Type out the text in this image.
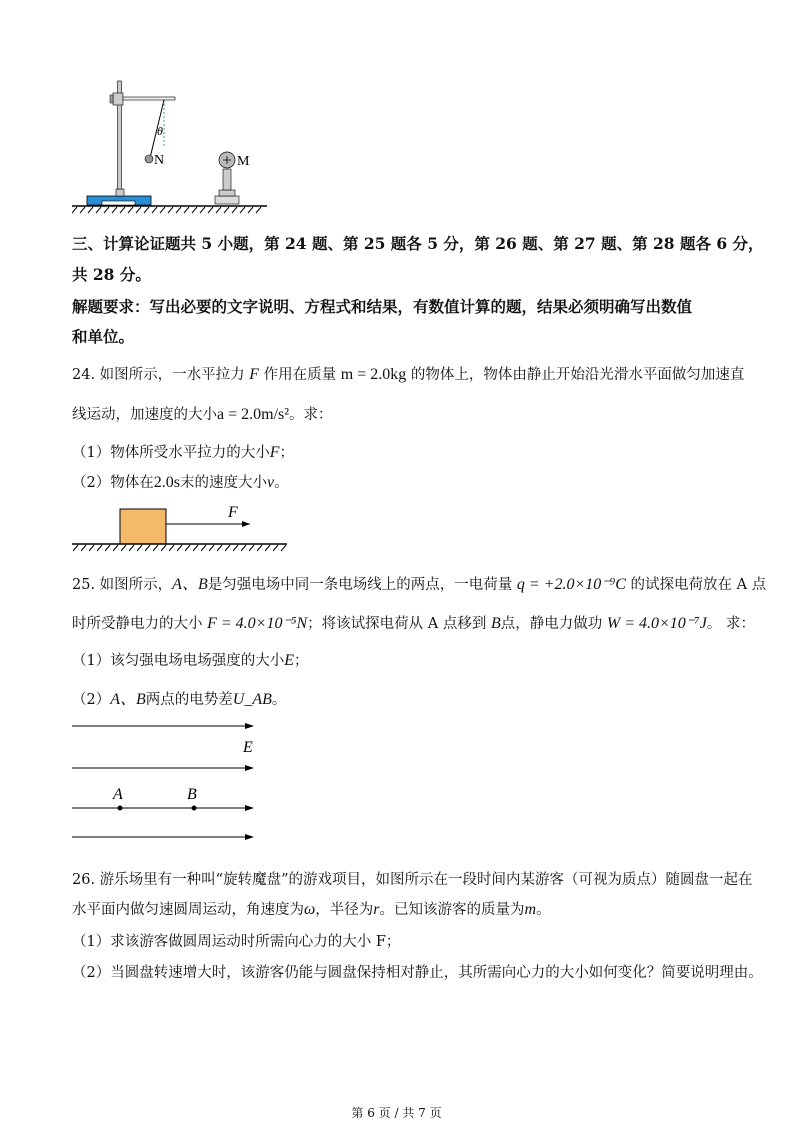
N
θ
M
三、计算论证题共 5 小题，第 24 题、第 25 题各 5 分，第 26 题、第 27 题、第 28 题各 6 分，
共 28 分。
解题要求：写出必要的文字说明、方程式和结果，有数值计算的题，结果必须明确写出数值
和单位。
24. 如图所示，一水平拉力 F 作用在质量 m = 2.0kg 的物体上，物体由静止开始沿光滑水平面做匀加速直
线运动，加速度的大小a = 2.0m/s²。求：
（1）物体所受水平拉力的大小F；
（2）物体在2.0s末的速度大小v。
F
25. 如图所示，A、B是匀强电场中同一条电场线上的两点，一电荷量 q = +2.0×10⁻⁹C 的试探电荷放在 A 点
时所受静电力的大小 F = 4.0×10⁻⁵N；将该试探电荷从 A 点移到 B点，静电力做功 W = 4.0×10⁻⁷J。 求：
（1）该匀强电场电场强度的大小E；
（2）A、B两点的电势差U_AB。
E
A	B
26. 游乐场里有一种叫“旋转魔盘”的游戏项目，如图所示在一段时间内某游客（可视为质点）随圆盘一起在
水平面内做匀速圆周运动，角速度为ω，半径为r。已知该游客的质量为m。
（1）求该游客做圆周运动时所需向心力的大小 F；
（2）当圆盘转速增大时，该游客仍能与圆盘保持相对静止，其所需向心力的大小如何变化？简要说明理由。
第 6 页 / 共 7 页
